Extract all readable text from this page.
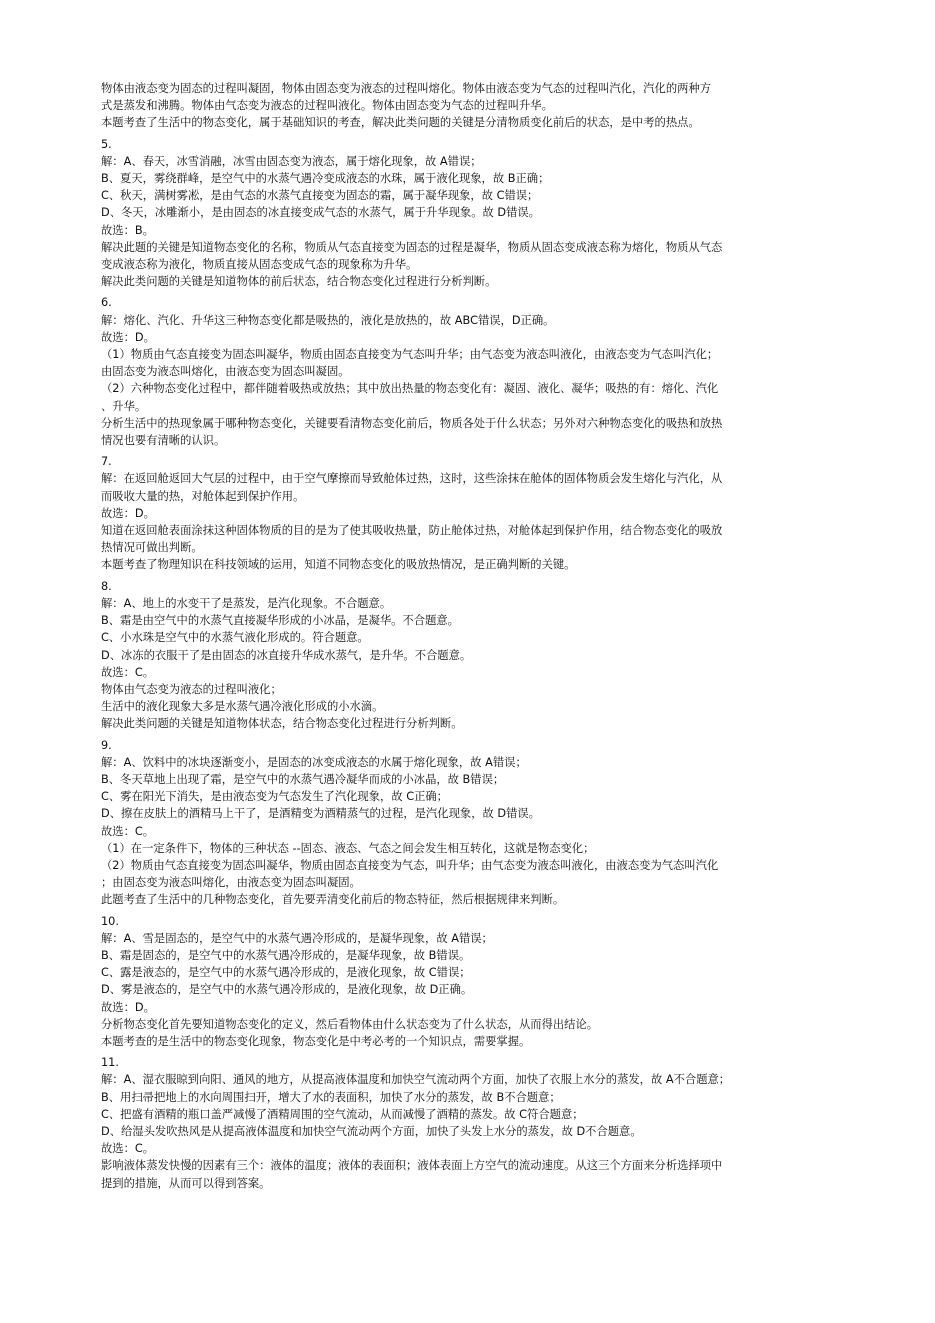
物体由液态变为固态的过程叫凝固，物体由固态变为液态的过程叫熔化。物体由液态变为气态的过程叫汽化，汽化的两种方

式是蒸发和沸腾。物体由气态变为液态的过程叫液化。物体由固态变为气态的过程叫升华。

本题考查了生活中的物态变化，属于基础知识的考查，解决此类问题的关键是分清物质变化前后的状态，是中考的热点。

5.

解：A、春天，冰雪消融，冰雪由固态变为液态，属于熔化现象，故 A错误；

B、夏天，雾绕群峰，是空气中的水蒸气遇冷变成液态的水珠，属于液化现象，故 B正确；

C、秋天，满树雾凇，是由气态的水蒸气直接变为固态的霜，属于凝华现象，故 C错误；

D、冬天，冰雕渐小，是由固态的冰直接变成气态的水蒸气，属于升华现象。故 D错误。

故选：B。

解决此题的关键是知道物态变化的名称，物质从气态直接变为固态的过程是凝华，物质从固态变成液态称为熔化，物质从气态

变成液态称为液化，物质直接从固态变成气态的现象称为升华。

解决此类问题的关键是知道物体的前后状态，结合物态变化过程进行分析判断。

6.

解：熔化、汽化、升华这三种物态变化都是吸热的，液化是放热的，故 ABC错误，D正确。

故选：D。

（1）物质由气态直接变为固态叫凝华，物质由固态直接变为气态叫升华；由气态变为液态叫液化，由液态变为气态叫汽化；

由固态变为液态叫熔化，由液态变为固态叫凝固。

（2）六种物态变化过程中，都伴随着吸热或放热；其中放出热量的物态变化有：凝固、液化、凝华；吸热的有：熔化、汽化

、升华。

分析生活中的热现象属于哪种物态变化，关键要看清物态变化前后，物质各处于什么状态；另外对六种物态变化的吸热和放热

情况也要有清晰的认识。

7.

解：在返回舱返回大气层的过程中，由于空气摩擦而导致舱体过热，这时，这些涂抹在舱体的固体物质会发生熔化与汽化，从

而吸收大量的热，对舱体起到保护作用。

故选：D。

知道在返回舱表面涂抹这种固体物质的目的是为了使其吸收热量，防止舱体过热，对舱体起到保护作用，结合物态变化的吸放

热情况可做出判断。

本题考查了物理知识在科技领域的运用，知道不同物态变化的吸放热情况，是正确判断的关键。

8.

解：A、地上的水变干了是蒸发，是汽化现象。不合题意。

B、霜是由空气中的水蒸气直接凝华形成的小冰晶，是凝华。不合题意。

C、小水珠是空气中的水蒸气液化形成的。符合题意。

D、冰冻的衣服干了是由固态的冰直接升华成水蒸气，是升华。不合题意。

故选：C。

物体由气态变为液态的过程叫液化；

生活中的液化现象大多是水蒸气遇冷液化形成的小水滴。

解决此类问题的关键是知道物体状态，结合物态变化过程进行分析判断。

9.

解：A、饮料中的冰块逐渐变小，是固态的冰变成液态的水属于熔化现象，故 A错误；

B、冬天草地上出现了霜，是空气中的水蒸气遇冷凝华而成的小冰晶，故 B错误；

C、雾在阳光下消失，是由液态变为气态发生了汽化现象，故 C正确；

D、擦在皮肤上的酒精马上干了，是酒精变为酒精蒸气的过程，是汽化现象，故 D错误。

故选：C。

（1）在一定条件下，物体的三种状态 --固态、液态、气态之间会发生相互转化，这就是物态变化；

（2）物质由气态直接变为固态叫凝华，物质由固态直接变为气态，叫升华；由气态变为液态叫液化，由液态变为气态叫汽化

；由固态变为液态叫熔化，由液态变为固态叫凝固。

此题考查了生活中的几种物态变化，首先要弄清变化前后的物态特征，然后根据规律来判断。

10.

解：A、雪是固态的，是空气中的水蒸气遇冷形成的，是凝华现象，故 A错误；

B、霜是固态的，是空气中的水蒸气遇冷形成的，是凝华现象，故 B错误。

C、露是液态的，是空气中的水蒸气遇冷形成的，是液化现象，故 C错误；

D、雾是液态的，是空气中的水蒸气遇冷形成的，是液化现象，故 D正确。

故选：D。

分析物态变化首先要知道物态变化的定义，然后看物体由什么状态变为了什么状态，从而得出结论。

本题考查的是生活中的物态变化现象，物态变化是中考必考的一个知识点，需要掌握。

11.

解：A、湿衣服晾到向阳、通风的地方，从提高液体温度和加快空气流动两个方面，加快了衣服上水分的蒸发，故 A不合题意；

B、用扫帚把地上的水向周围扫开，增大了水的表面积，加快了水分的蒸发，故 B不合题意；

C、把盛有酒精的瓶口盖严减慢了酒精周围的空气流动，从而减慢了酒精的蒸发。故 C符合题意；

D、给湿头发吹热风是从提高液体温度和加快空气流动两个方面，加快了头发上水分的蒸发，故 D不合题意。

故选：C。

影响液体蒸发快慢的因素有三个：液体的温度；液体的表面积；液体表面上方空气的流动速度。从这三个方面来分析选择项中

提到的措施，从而可以得到答案。
